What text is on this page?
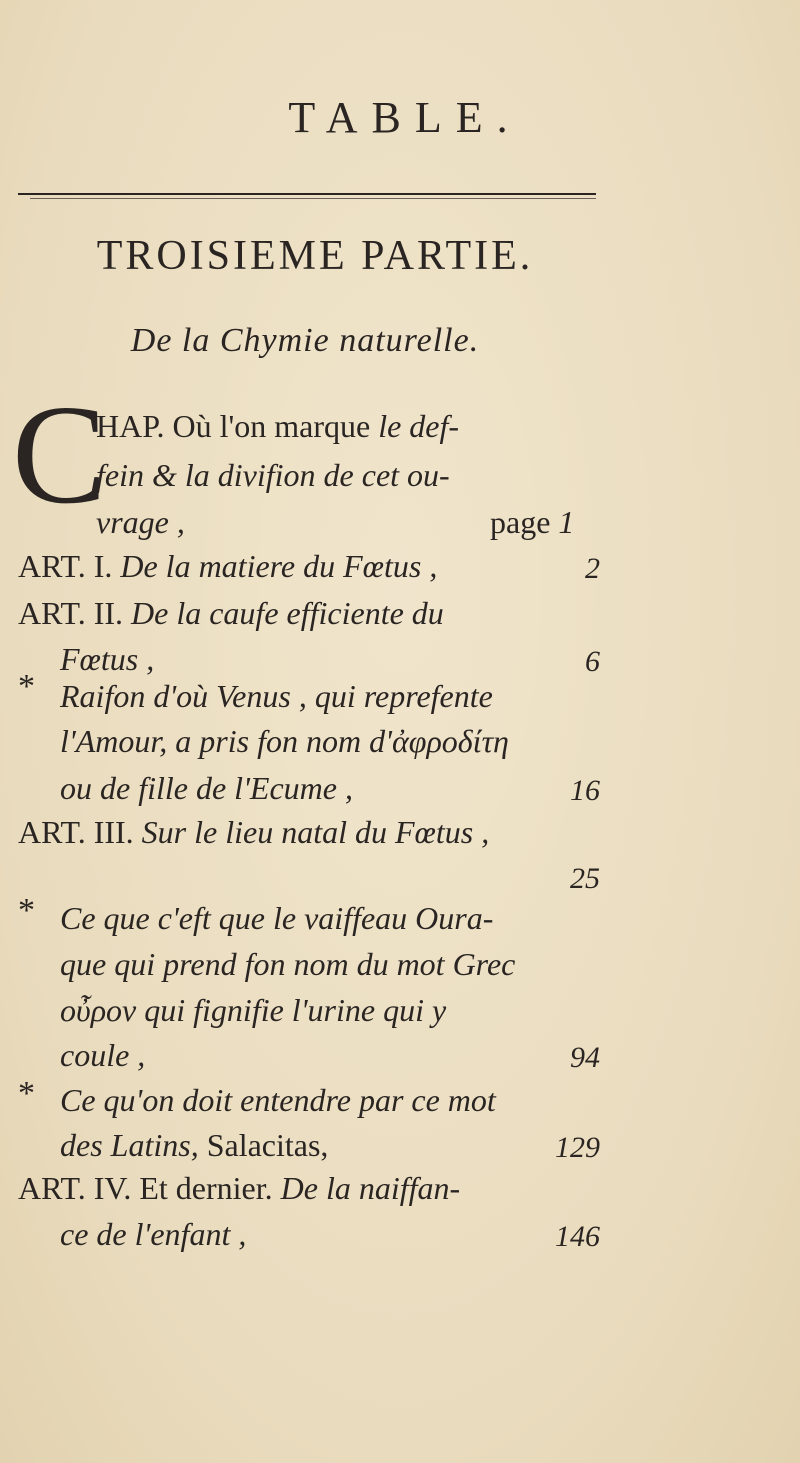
TABLE.
TROISIEME PARTIE.
De la Chymie naturelle.
C
HAP. Où l'on marque le def-
fein & la divifion de cet ou-
vrage ,	page 1
ART. I. De la matiere du Fœtus ,	2
ART. II. De la caufe efficiente du
Fœtus ,	6
* Raifon d'où Venus , qui reprefente
l'Amour, a pris fon nom d'ἀφροδίτη
ou de fille de l'Ecume ,	16
ART. III. Sur le lieu natal du Fœtus ,
25
* Ce que c'eft que le vaiffeau Oura-
que qui prend fon nom du mot Grec
οὖρον qui fignifie l'urine qui y
coule ,	94
* Ce qu'on doit entendre par ce mot
des Latins, Salacitas,	129
ART. IV. Et dernier. De la naiffan-
ce de l'enfant ,	146
